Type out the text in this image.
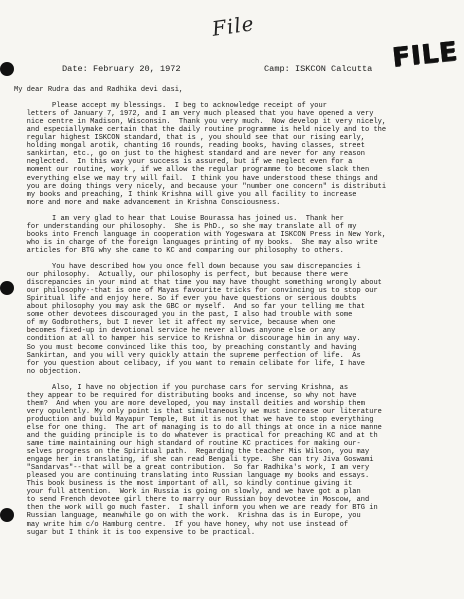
File
FILE
Date: February 20, 1972	Camp: ISKCON Calcutta
My dear Rudra das and Radhika devi dasi,

Please accept my blessings.  I beg to acknowledge receipt of your
letters of January 7, 1972, and I am very much pleased that you have opened a very
nice centre in Madison, Wisconsin.  Thank you very much.  Now develop it very nicely,
and especiallymake certain that the daily routine programme is held nicely and to the
regular highest ISKCON standard, that is , you should see that our rising early,
holding mongal arotik, chanting 16 rounds, reading books, having classes, street
sankirtan, etc., go on just to the highest standard and are never for any reason
neglected.  In this way your success is assured, but if we neglect even for a
moment our routine, work , if we allow the regular programme to become slack then
everything else we may try will fail.  I think you have understood these things and
you are doing things very nicely, and because your "number one concern" is distributi
my books and preaching, I think Krishna will give you all facility to increase
more and more and make advancement in Krishna Consciousness.

I am very glad to hear that Louise Bourassa has joined us.  Thank her
for understanding our philosophy.  She is PhD., so she may translate all of my
books into French language in cooperation with Yogeswara at ISKCON Press in New York,
who is in charge of the foreign languages printing of my books.  She may also write
articles for BTG why she came to KC and comparing our philosophy to others.

You have described how you once fell down because you saw discrepancies i
our philosophy.  Actually, our philosophy is perfect, but because there were
discrepancies in your mind at that time you may have thought something wrongly about
our philosophy--that is one of Mayas favourite tricks for convincing us to stop our
Spiritual life and enjoy here. So if ever you have questions or serious doubts
about philosophy you may ask the GBC or myself.  And so far your telling me that
some other devotees discouraged you in the past, I also had trouble with some
of my Godbrothers, but I never let it affect my service, because when one
becomes fixed-up in devotional service he never allows anyone else or any
condition at all to hamper his service to Krishna or discourage him in any way.
So you must become convinced like this too, by preaching constantly and having
Sankirtan, and you will very quickly attain the supreme perfection of life.  As
for you question about celibacy, if you want to remain celibate for life, I have
no objection.

Also, I have no objection if you purchase cars for serving Krishna, as
they appear to be required for distributing books and incense, so why not have
them?  And when you are more developed, you may install deities and worship them
very opulently. My only point is that simultaneously we must increase our literature
production and build Mayapur Temple, But it is not that we have to stop everything
else for one thing.  The art of managing is to do all things at once in a nice manne
and the guiding principle is to do whatever is practical for preaching KC and at th
same time maintaining our high standard of routine KC practices for making our-
selves progress on the Spiritual path.  Regarding the teacher Mis Wilson, you may
engage her in translating, if she can read Bengali type.  She can try Jiva Goswami
"Sandarvas"--that will be a great contribution.  So far Radhika's work, I am very
pleased you are continuing translating into Russian language my books and essays.
This book business is the most important of all, so kindly continue giving it
your full attention.  Work in Russia is going on slowly, and we have got a plan
to send French devotee girl there to marry our Russian boy devotee in Moscow, and
then the work will go much faster.  I shall inform you when we are ready for BTG in
Russian language, meanwhile go on with the work.  Krishna das is in Europe, you
may write him c/o Hamburg centre.  If you have honey, why not use instead of
sugar but I think it is too expensive to be practical.
